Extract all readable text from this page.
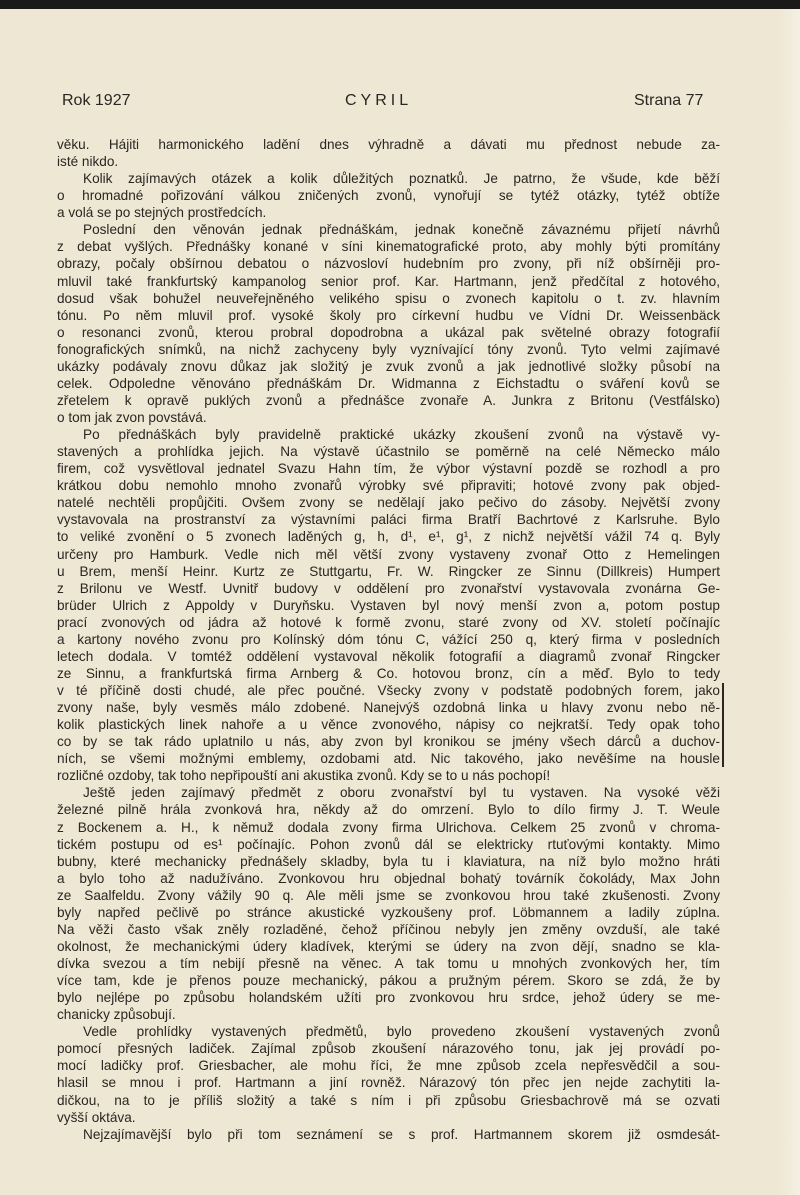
Rok 1927	CYRIL	Strana 77
věku. Hájiti harmonického ladění dnes výhradně a dávati mu přednost nebude za-
isté nikdo.
Kolik zajímavých otázek a kolik důležitých poznatků. Je patrno, že všude, kde běží
o hromadné pořizování válkou zničených zvonů, vynořují se tytéž otázky, tytéž obtíže
a volá se po stejných prostředcích.
Poslední den věnován jednak přednáškám, jednak konečně závaznému přijetí návrhů
z debat vyšlých. Přednášky konané v síni kinematografické proto, aby mohly býti promítány
obrazy, počaly obšírnou debatou o názvosloví hudebním pro zvony, při níž obšírněji pro-
mluvil také frankfurtský kampanolog senior prof. Kar. Hartmann, jenž předčítal z hotového,
dosud však bohužel neuveřejněného velikého spisu o zvonech kapitolu o t. zv. hlavním
tónu. Po něm mluvil prof. vysoké školy pro církevní hudbu ve Vídni Dr. Weissenbäck
o resonanci zvonů, kterou probral dopodrobna a ukázal pak světelné obrazy fotografií
fonografických snímků, na nichž zachyceny byly vyznívající tóny zvonů. Tyto velmi zajímavé
ukázky podávaly znovu důkaz jak složitý je zvuk zvonů a jak jednotlivé složky působí na
celek. Odpoledne věnováno přednáškám Dr. Widmanna z Eichstadtu o sváření kovů se
zřetelem k opravě puklých zvonů a přednášce zvonaře A. Junkra z Britonu (Vestfálsko)
o tom jak zvon povstává.
Po přednáškách byly pravidelně praktické ukázky zkoušení zvonů na výstavě vy-
stavených a prohlídka jejich. Na výstavě účastnilo se poměrně na celé Německo málo
firem, což vysvětloval jednatel Svazu Hahn tím, že výbor výstavní pozdě se rozhodl a pro
krátkou dobu nemohlo mnoho zvonařů výrobky své připraviti; hotové zvony pak objed-
natelé nechtěli propůjčiti. Ovšem zvony se nedělají jako pečivo do zásoby. Největší zvony
vystavovala na prostranství za výstavními paláci firma Bratří Bachrtové z Karlsruhe. Bylo
to veliké zvonění o 5 zvonech laděných g, h, d¹, e¹, g¹, z nichž největší vážil 74 q. Byly
určeny pro Hamburk. Vedle nich měl větší zvony vystaveny zvonař Otto z Hemelingen
u Brem, menší Heinr. Kurtz ze Stuttgartu, Fr. W. Ringcker ze Sinnu (Dillkreis) Humpert
z Brilonu ve Westf. Uvnitř budovy v oddělení pro zvonařství vystavovala zvonárna Ge-
brüder Ulrich z Appoldy v Duryňsku. Vystaven byl nový menší zvon a, potom postup
prací zvonových od jádra až hotové k formě zvonu, staré zvony od XV. století počínajíc
a kartony nového zvonu pro Kolínský dóm tónu C, vážící 250 q, který firma v posledních
letech dodala. V tomtéž oddělení vystavoval několik fotografií a diagramů zvonař Ringcker
ze Sinnu, a frankfurtská firma Arnberg & Co. hotovou bronz, cín a měď. Bylo to tedy
v té příčině dosti chudé, ale přec poučné. Všecky zvony v podstatě podobných forem, jako
zvony naše, byly vesměs málo zdobené. Nanejvýš ozdobná linka u hlavy zvonu nebo ně-
kolik plastických linek nahoře a u věnce zvonového, nápisy co nejkratší. Tedy opak toho
co by se tak rádo uplatnilo u nás, aby zvon byl kronikou se jmény všech dárců a duchov-
ních, se všemi možnými emblemy, ozdobami atd. Nic takového, jako nevěšíme na housle
rozličné ozdoby, tak toho nepřipouští ani akustika zvonů. Kdy se to u nás pochopí!
Ještě jeden zajímavý předmět z oboru zvonařství byl tu vystaven. Na vysoké věži
železné pilně hrála zvonková hra, někdy až do omrzení. Bylo to dílo firmy J. T. Weule
z Bockenem a. H., k němuž dodala zvony firma Ulrichova. Celkem 25 zvonů v chroma-
tickém postupu od es¹ počínajíc. Pohon zvonů dál se elektricky rtuťovými kontakty. Mimo
bubny, které mechanicky přednášely skladby, byla tu i klaviatura, na níž bylo možno hráti
a bylo toho až nadužíváno. Zvonkovou hru objednal bohatý továrník čokolády, Max John
ze Saalfeldu. Zvony vážily 90 q. Ale měli jsme se zvonkovou hrou také zkušenosti. Zvony
byly napřed pečlivě po stránce akustické vyzkoušeny prof. Löbmannem a ladily zúplna.
Na věži často však zněly rozladěné, čehož příčinou nebyly jen změny ovzduší, ale také
okolnost, že mechanickými údery kladívek, kterými se údery na zvon dějí, snadno se kla-
dívka svezou a tím nebijí přesně na věnec. A tak tomu u mnohých zvonkových her, tím
více tam, kde je přenos pouze mechanický, pákou a pružným pérem. Skoro se zdá, že by
bylo nejlépe po způsobu holandském užíti pro zvonkovou hru srdce, jehož údery se me-
chanicky způsobují.
Vedle prohlídky vystavených předmětů, bylo provedeno zkoušení vystavených zvonů
pomocí přesných ladiček. Zajímal způsob zkoušení nárazového tonu, jak jej provádí po-
mocí ladičky prof. Griesbacher, ale mohu říci, že mne způsob zcela nepřesvědčil a sou-
hlasil se mnou i prof. Hartmann a jiní rovněž. Nárazový tón přec jen nejde zachytiti la-
dičkou, na to je příliš složitý a také s ním i při způsobu Griesbachrově má se ozvati
vyšší oktáva.
Nejzajímavější bylo při tom seznámení se s prof. Hartmannem skorem již osmdesát-
